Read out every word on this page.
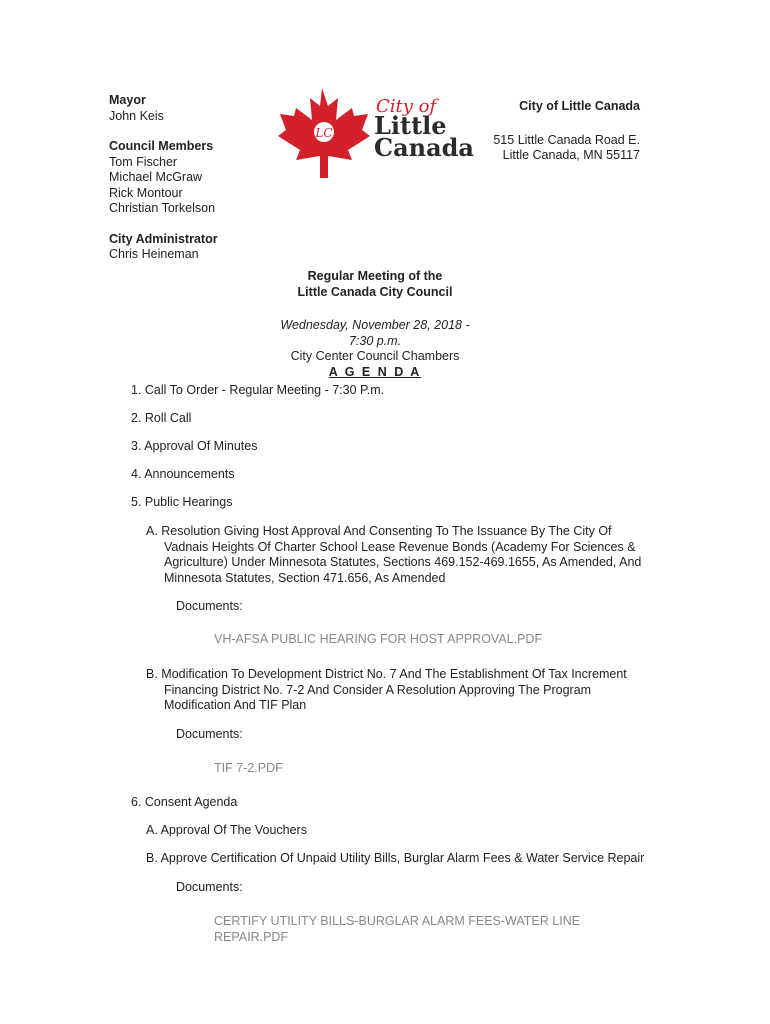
Mayor
John Keis
Council Members
Tom Fischer
Michael McGraw
Rick Montour
Christian Torkelson
City Administrator
Chris Heineman
LC
City of
Little
Canada
City of Little Canada
515 Little Canada Road E.
Little Canada, MN 55117
Regular Meeting of the
Little Canada City Council
Wednesday, November 28, 2018 -
7:30 p.m.
City Center Council Chambers
A G E N D A
1. Call To Order - Regular Meeting - 7:30 P.m.
2. Roll Call
3. Approval Of Minutes
4. Announcements
5. Public Hearings
A. Resolution Giving Host Approval And Consenting To The Issuance By The City Of
Vadnais Heights Of Charter School Lease Revenue Bonds (Academy For Sciences &
Agriculture) Under Minnesota Statutes, Sections 469.152-469.1655, As Amended, And
Minnesota Statutes, Section 471.656, As Amended
Documents:
VH-AFSA PUBLIC HEARING FOR HOST APPROVAL.PDF
B. Modification To Development District No. 7 And The Establishment Of Tax Increment
Financing District No. 7-2 And Consider A Resolution Approving The Program
Modification And TIF Plan
Documents:
TIF 7-2.PDF
6. Consent Agenda
A. Approval Of The Vouchers
B. Approve Certification Of Unpaid Utility Bills, Burglar Alarm Fees & Water Service Repair
Documents:
CERTIFY UTILITY BILLS-BURGLAR ALARM FEES-WATER LINE
REPAIR.PDF
